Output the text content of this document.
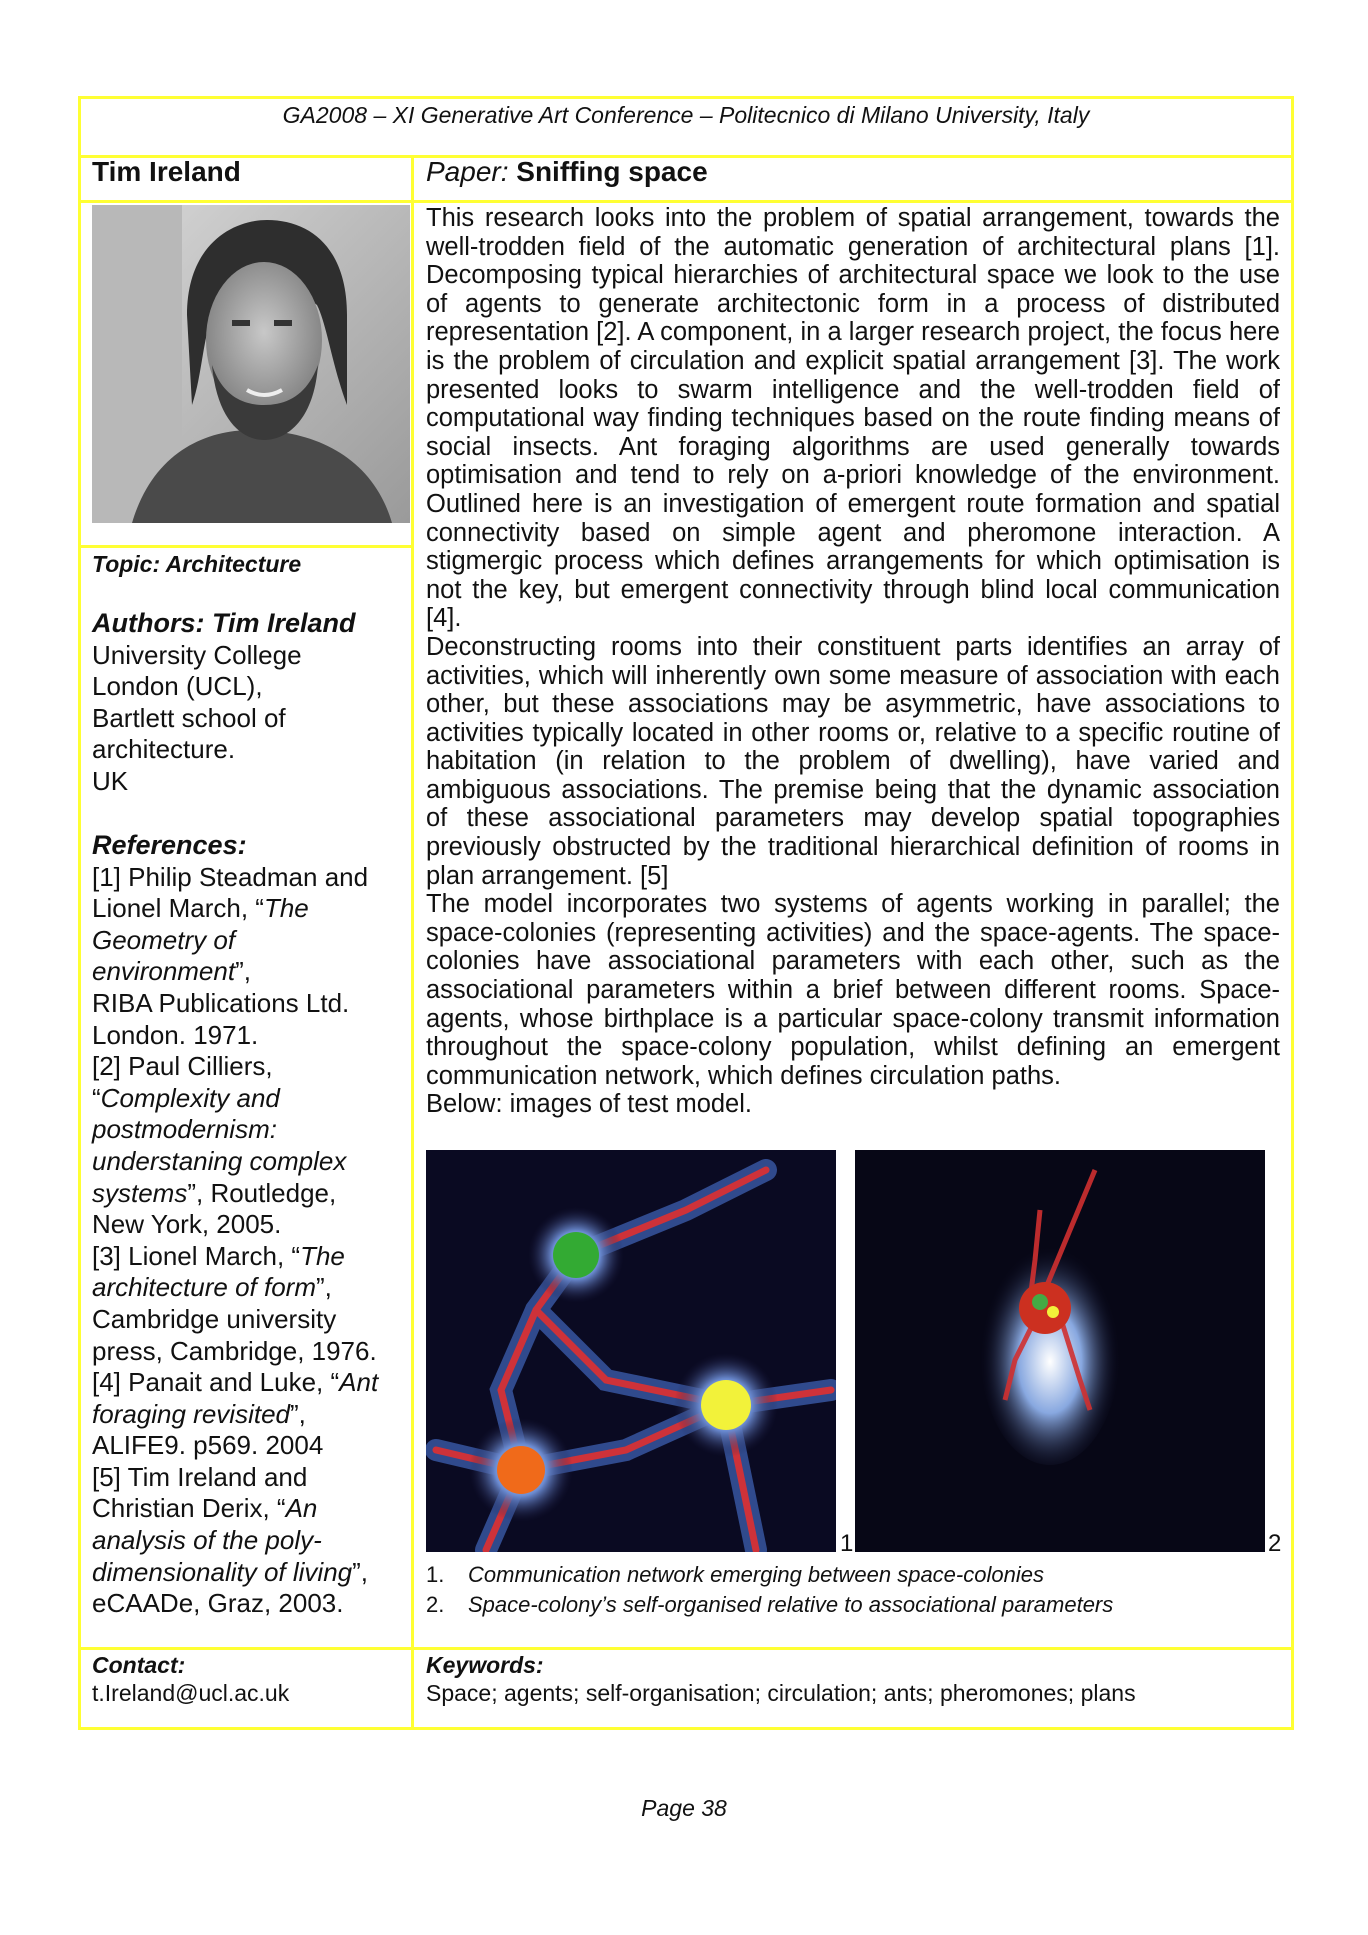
GA2008 – XI Generative Art Conference – Politecnico di Milano University, Italy
Tim Ireland	Paper: Sniffing space
Topic: Architecture
Authors: Tim Ireland
University College
London (UCL),
Bartlett school of
architecture.
UK
References:
[1] Philip Steadman and
Lionel March, “The
Geometry of
environment”,
RIBA Publications Ltd.
London. 1971.
[2] Paul Cilliers,
“Complexity and
postmodernism:
understaning complex
systems”, Routledge,
New York, 2005.
[3] Lionel March, “The
architecture of form”,
Cambridge university
press, Cambridge, 1976.
[4] Panait and Luke, “Ant
foraging revisited”,
ALIFE9. p569. 2004
[5] Tim Ireland and
Christian Derix, “An
analysis of the poly-
dimensionality of living”,
eCAADe, Graz, 2003.

This research looks into the problem of spatial arrangement, towards the well-trodden field of the automatic generation of architectural plans [1]. Decomposing typical hierarchies of architectural space we look to the use of agents to generate architectonic form in a process of distributed representation [2]. A component, in a larger research project, the focus here is the problem of circulation and explicit spatial arrangement [3]. The work presented looks to swarm intelligence and the well-trodden field of computational way finding techniques based on the route finding means of social insects. Ant foraging algorithms are used generally towards optimisation and tend to rely on a-priori knowledge of the environment. Outlined here is an investigation of emergent route formation and spatial connectivity based on simple agent and pheromone interaction. A stigmergic process which defines arrangements for which optimisation is not the key, but emergent connectivity through blind local communication [4].

Deconstructing rooms into their constituent parts identifies an array of activities, which will inherently own some measure of association with each other, but these associations may be asymmetric, have associations to activities typically located in other rooms or, relative to a specific routine of habitation (in relation to the problem of dwelling), have varied and ambiguous associations. The premise being that the dynamic association of these associational parameters may develop spatial topographies previously obstructed by the traditional hierarchical definition of rooms in plan arrangement. [5]

The model incorporates two systems of agents working in parallel; the space-colonies (representing activities) and the space-agents. The space-colonies have associational parameters with each other, such as the associational parameters within a brief between different rooms. Space-agents, whose birthplace is a particular space-colony transmit information throughout the space-colony population, whilst defining an emergent communication network, which defines circulation paths.

Below: images of test model.

1	2
1. Communication network emerging between space-colonies
2. Space-colony’s self-organised relative to associational parameters
Contact:
t.Ireland@ucl.ac.uk
Keywords:
Space; agents; self-organisation; circulation; ants; pheromones; plans
Page 38
